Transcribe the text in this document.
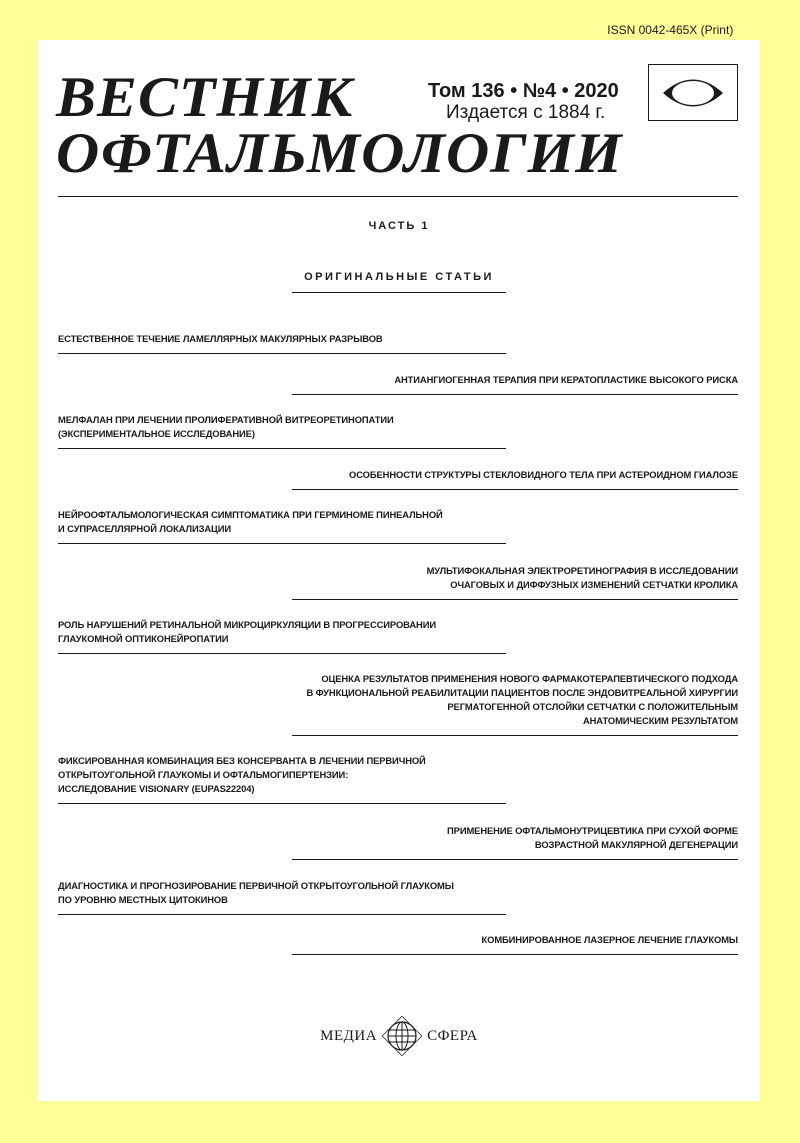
ISSN 0042-465X (Print)
ВЕСТНИК
ОФТАЛЬМОЛОГИИ
Том 136 • №4 • 2020
Издается с 1884 г.
ЧАСТЬ 1
ОРИГИНАЛЬНЫЕ СТАТЬИ
ЕСТЕСТВЕННОЕ ТЕЧЕНИЕ ЛАМЕЛЛЯРНЫХ МАКУЛЯРНЫХ РАЗРЫВОВ
АНТИАНГИОГЕННАЯ ТЕРАПИЯ ПРИ КЕРАТОПЛАСТИКЕ ВЫСОКОГО РИСКА
МЕЛФАЛАН ПРИ ЛЕЧЕНИИ ПРОЛИФЕРАТИВНОЙ ВИТРЕОРЕТИНОПАТИИ
(ЭКСПЕРИМЕНТАЛЬНОЕ ИССЛЕДОВАНИЕ)
ОСОБЕННОСТИ СТРУКТУРЫ СТЕКЛОВИДНОГО ТЕЛА ПРИ АСТЕРОИДНОМ ГИАЛОЗЕ
НЕЙРООФТАЛЬМОЛОГИЧЕСКАЯ СИМПТОМАТИКА ПРИ ГЕРМИНОМЕ ПИНЕАЛЬНОЙ
И СУПРАСЕЛЛЯРНОЙ ЛОКАЛИЗАЦИИ
МУЛЬТИФОКАЛЬНАЯ ЭЛЕКТРОРЕТИНОГРАФИЯ В ИССЛЕДОВАНИИ
ОЧАГОВЫХ И ДИФФУЗНЫХ ИЗМЕНЕНИЙ СЕТЧАТКИ КРОЛИКА
РОЛЬ НАРУШЕНИЙ РЕТИНАЛЬНОЙ МИКРОЦИРКУЛЯЦИИ В ПРОГРЕССИРОВАНИИ
ГЛАУКОМНОЙ ОПТИКОНЕЙРОПАТИИ
ОЦЕНКА РЕЗУЛЬТАТОВ ПРИМЕНЕНИЯ НОВОГО ФАРМАКОТЕРАПЕВТИЧЕСКОГО ПОДХОДА
В ФУНКЦИОНАЛЬНОЙ РЕАБИЛИТАЦИИ ПАЦИЕНТОВ ПОСЛЕ ЭНДОВИТРЕАЛЬНОЙ ХИРУРГИИ
РЕГМАТОГЕННОЙ ОТСЛОЙКИ СЕТЧАТКИ С ПОЛОЖИТЕЛЬНЫМ
АНАТОМИЧЕСКИМ РЕЗУЛЬТАТОМ
ФИКСИРОВАННАЯ КОМБИНАЦИЯ БЕЗ КОНСЕРВАНТА В ЛЕЧЕНИИ ПЕРВИЧНОЙ
ОТКРЫТОУГОЛЬНОЙ ГЛАУКОМЫ И ОФТАЛЬМОГИПЕРТЕНЗИИ:
ИССЛЕДОВАНИЕ VISIONARY (EUPAS22204)
ПРИМЕНЕНИЕ ОФТАЛЬМОНУТРИЦЕВТИКА ПРИ СУХОЙ ФОРМЕ
ВОЗРАСТНОЙ МАКУЛЯРНОЙ ДЕГЕНЕРАЦИИ
ДИАГНОСТИКА И ПРОГНОЗИРОВАНИЕ ПЕРВИЧНОЙ ОТКРЫТОУГОЛЬНОЙ ГЛАУКОМЫ
ПО УРОВНЮ МЕСТНЫХ ЦИТОКИНОВ
КОМБИНИРОВАННОЕ ЛАЗЕРНОЕ ЛЕЧЕНИЕ ГЛАУКОМЫ
МЕДИА	СФЕРА
